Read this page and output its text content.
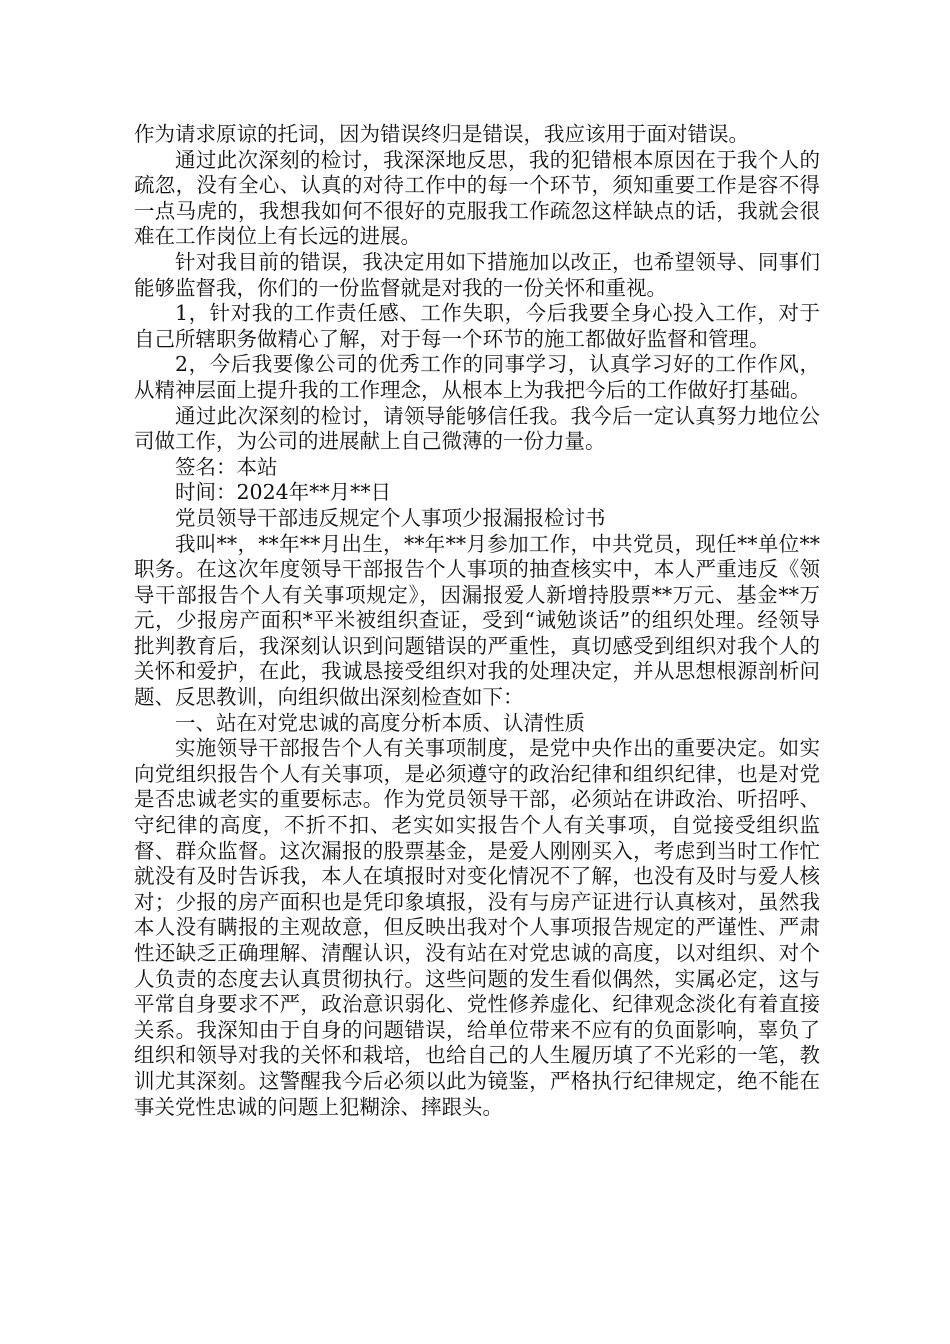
作为请求原谅的托词，因为错误终归是错误，我应该用于面对错误。

通过此次深刻的检讨，我深深地反思，我的犯错根本原因在于我个人的疏忽，没有全心、认真的对待工作中的每一个环节，须知重要工作是容不得一点马虎的，我想我如何不很好的克服我工作疏忽这样缺点的话，我就会很难在工作岗位上有长远的进展。

针对我目前的错误，我决定用如下措施加以改正，也希望领导、同事们能够监督我，你们的一份监督就是对我的一份关怀和重视。

1，针对我的工作责任感、工作失职，今后我要全身心投入工作，对于自己所辖职务做精心了解，对于每一个环节的施工都做好监督和管理。

2，今后我要像公司的优秀工作的同事学习，认真学习好的工作作风，从精神层面上提升我的工作理念，从根本上为我把今后的工作做好打基础。

通过此次深刻的检讨，请领导能够信任我。我今后一定认真努力地位公司做工作，为公司的进展献上自己微薄的一份力量。

签名：本站

时间：2024年**月**日

党员领导干部违反规定个人事项少报漏报检讨书

我叫**，**年**月出生，**年**月参加工作，中共党员，现任**单位**职务。在这次年度领导干部报告个人事项的抽查核实中，本人严重违反《领导干部报告个人有关事项规定》，因漏报爱人新增持股票**万元、基金**万元，少报房产面积*平米被组织查证，受到“诫勉谈话”的组织处理。经领导批判教育后，我深刻认识到问题错误的严重性，真切感受到组织对我个人的关怀和爱护，在此，我诚恳接受组织对我的处理决定，并从思想根源剖析问题、反思教训，向组织做出深刻检查如下：

一、站在对党忠诚的高度分析本质、认清性质

实施领导干部报告个人有关事项制度，是党中央作出的重要决定。如实向党组织报告个人有关事项，是必须遵守的政治纪律和组织纪律，也是对党是否忠诚老实的重要标志。作为党员领导干部，必须站在讲政治、听招呼、守纪律的高度，不折不扣、老实如实报告个人有关事项，自觉接受组织监督、群众监督。这次漏报的股票基金，是爱人刚刚买入，考虑到当时工作忙就没有及时告诉我，本人在填报时对变化情况不了解，也没有及时与爱人核对；少报的房产面积也是凭印象填报，没有与房产证进行认真核对，虽然我本人没有瞒报的主观故意，但反映出我对个人事项报告规定的严谨性、严肃性还缺乏正确理解、清醒认识，没有站在对党忠诚的高度，以对组织、对个人负责的态度去认真贯彻执行。这些问题的发生看似偶然，实属必定，这与平常自身要求不严，政治意识弱化、党性修养虚化、纪律观念淡化有着直接关系。我深知由于自身的问题错误，给单位带来不应有的负面影响，辜负了组织和领导对我的关怀和栽培，也给自己的人生履历填了不光彩的一笔，教训尤其深刻。这警醒我今后必须以此为镜鉴，严格执行纪律规定，绝不能在事关党性忠诚的问题上犯糊涂、摔跟头。
